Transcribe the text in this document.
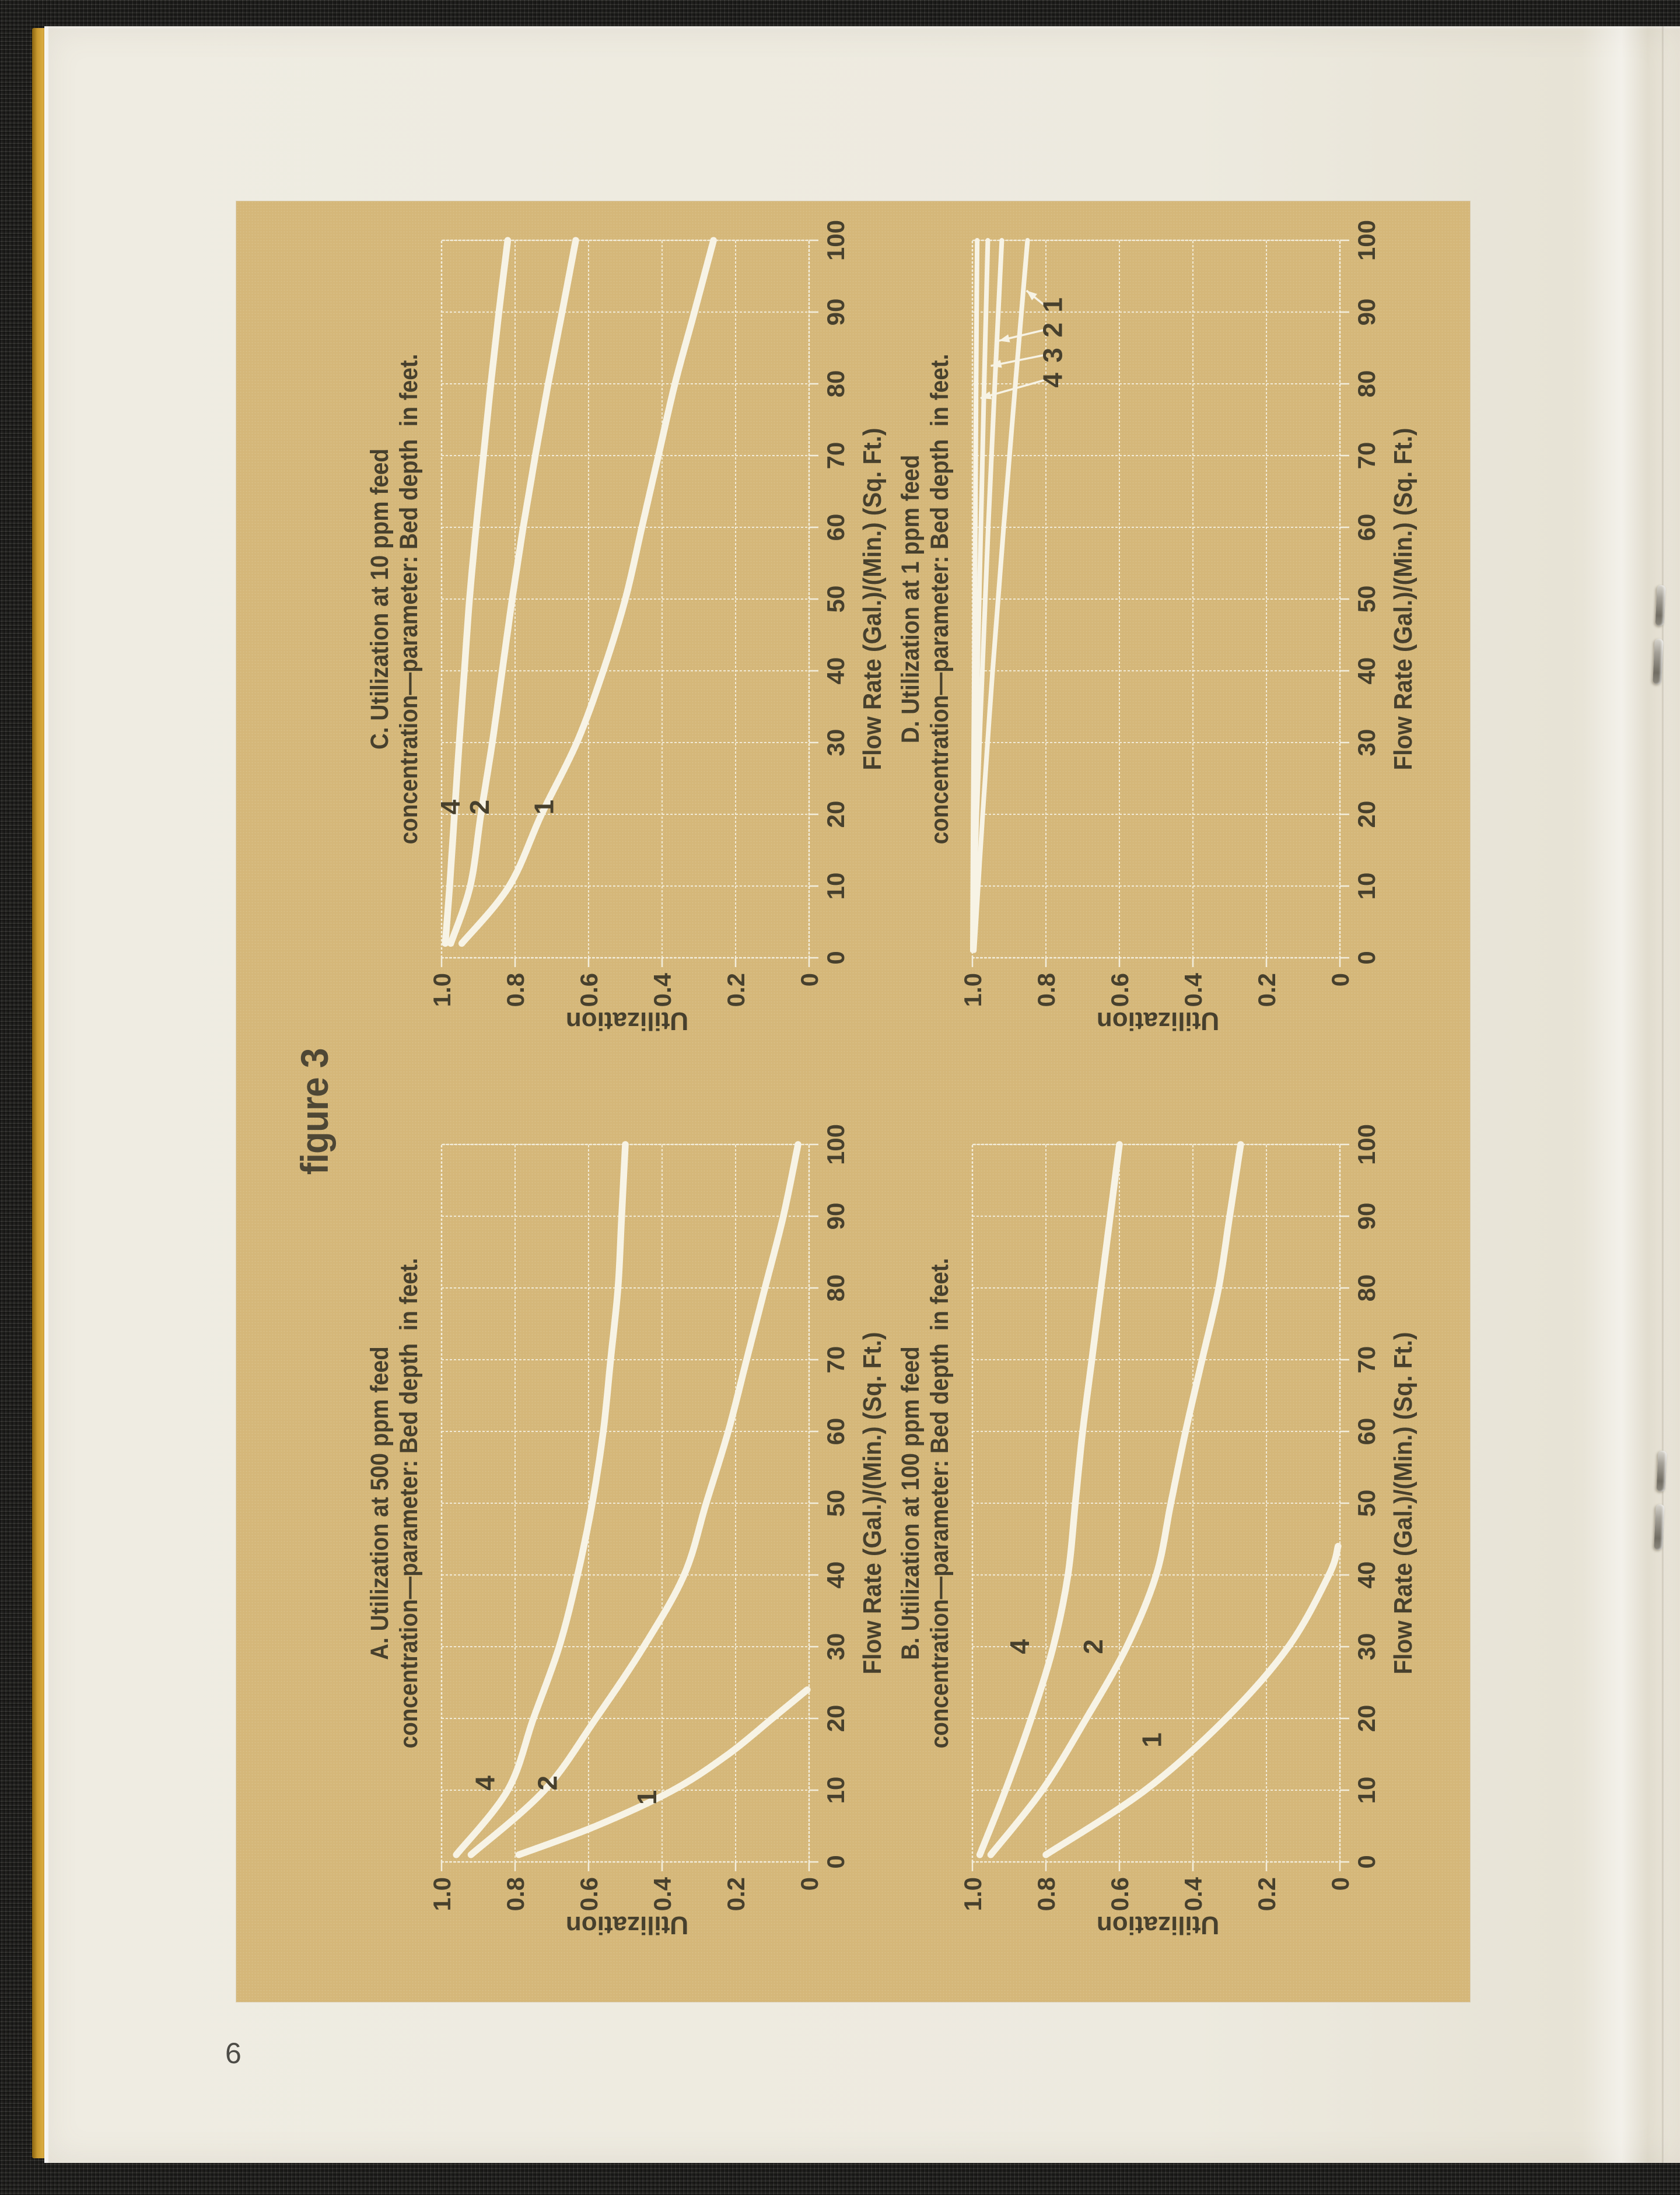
figure 3
A. Utilization at 500 ppm feed concentration—parameter: Bed depth  in feet.
Utilization
Flow Rate (Gal.)/(Min.) (Sq. Ft.)
0
10
20
30
40
50
60
70
80
90
100
1.0 0.8 0.6 0.4 0.2 0
4 2
1
B. Utilization at 100 ppm feed concentration—parameter: Bed depth  in feet.
Utilization
Flow Rate (Gal.)/(Min.) (Sq. Ft.)
0
10
20
30
40
50
60
70
80
90
100
1.0 0.8 0.6 0.4 0.2 0
4 2
1
C. Utilization at 10 ppm feed concentration—parameter: Bed depth  in feet.
Utilization
Flow Rate (Gal.)/(Min.) (Sq. Ft.)
0
10
20
30
40
50
60
70
80
90
100
1.0 0.8 0.6 0.4 0.2 0
4
2 1
D. Utilization at 1 ppm feed concentration—parameter: Bed depth  in feet.
Utilization
Flow Rate (Gal.)/(Min.) (Sq. Ft.)
0
10
20
30
40
50
60
70
80
90
100
1.0 0.8 0.6 0.4 0.2 0
4
3
2
1
6
